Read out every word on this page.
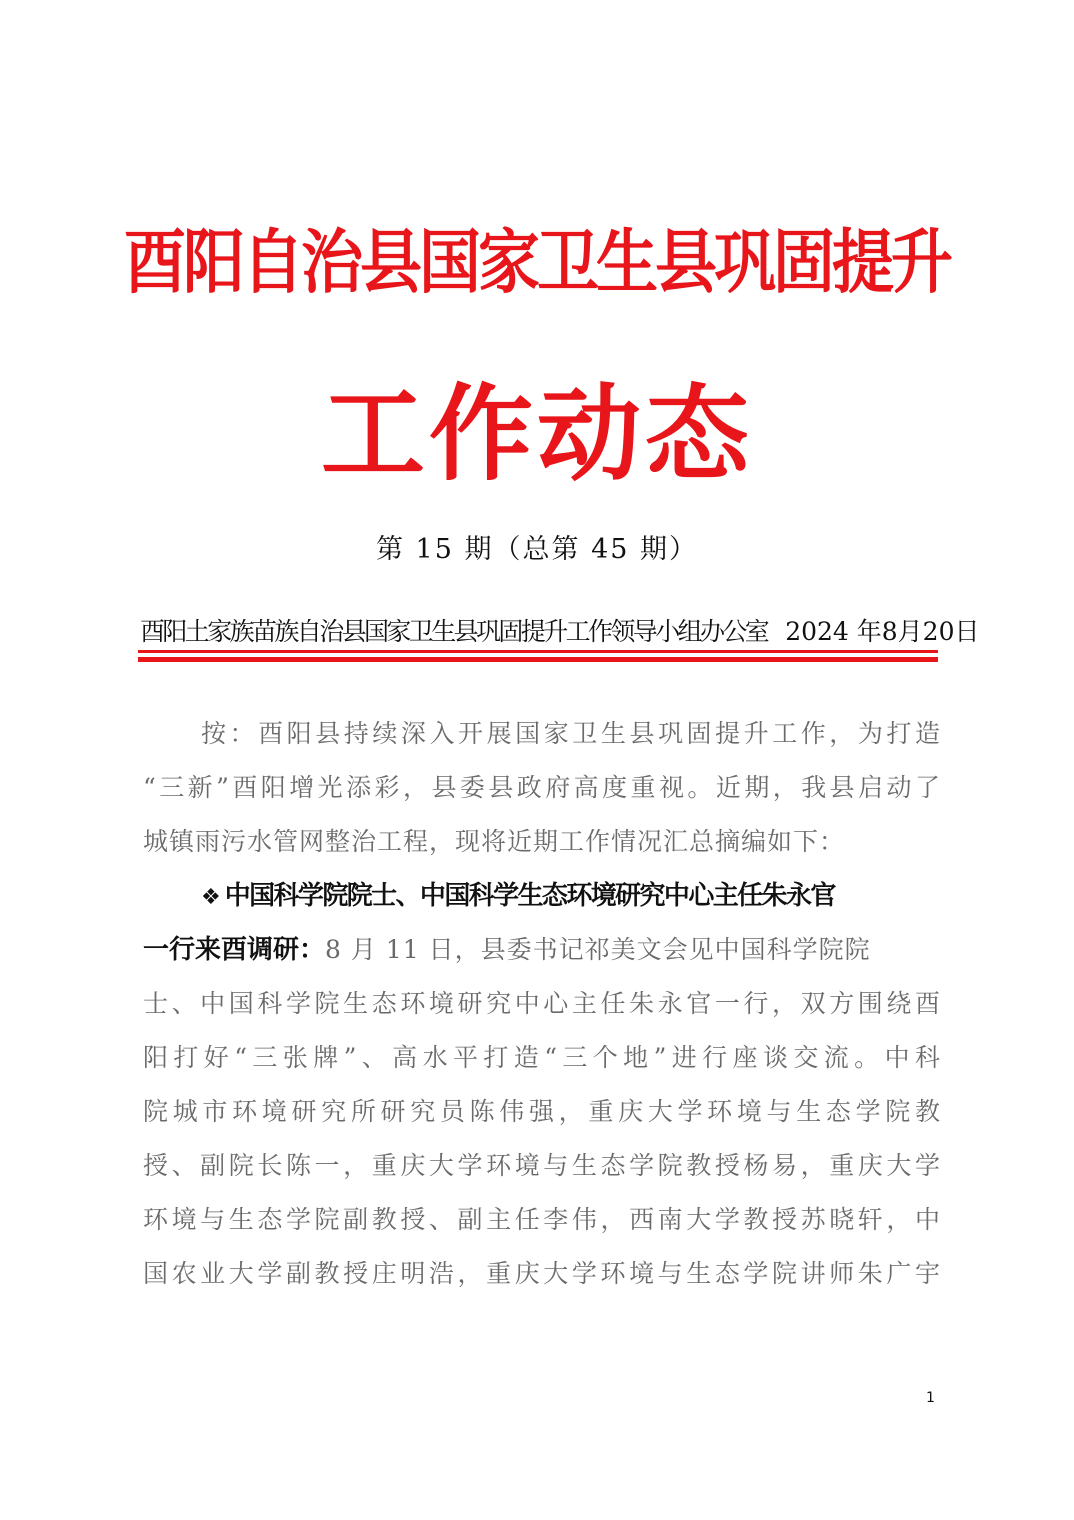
酉阳自治县国家卫生县巩固提升
工作动态
第 15 期（总第 45 期）
酉阳土家族苗族自治县国家卫生县巩固提升工作领导小组办公室 2024 年8月20日
按：酉阳县持续深入开展国家卫生县巩固提升工作，为打造
“三新”酉阳增光添彩，县委县政府高度重视。近期，我县启动了
城镇雨污水管网整治工程，现将近期工作情况汇总摘编如下：
❖ 中国科学院院士、中国科学生态环境研究中心主任朱永官
一行来酉调研：8 月 11 日，县委书记祁美文会见中国科学院院
士、中国科学院生态环境研究中心主任朱永官一行，双方围绕酉
阳打好“三张牌”、高水平打造“三个地”进行座谈交流。中科
院城市环境研究所研究员陈伟强，重庆大学环境与生态学院教
授、副院长陈一，重庆大学环境与生态学院教授杨易，重庆大学
环境与生态学院副教授、副主任李伟，西南大学教授苏晓轩，中
国农业大学副教授庄明浩，重庆大学环境与生态学院讲师朱广宇
1
